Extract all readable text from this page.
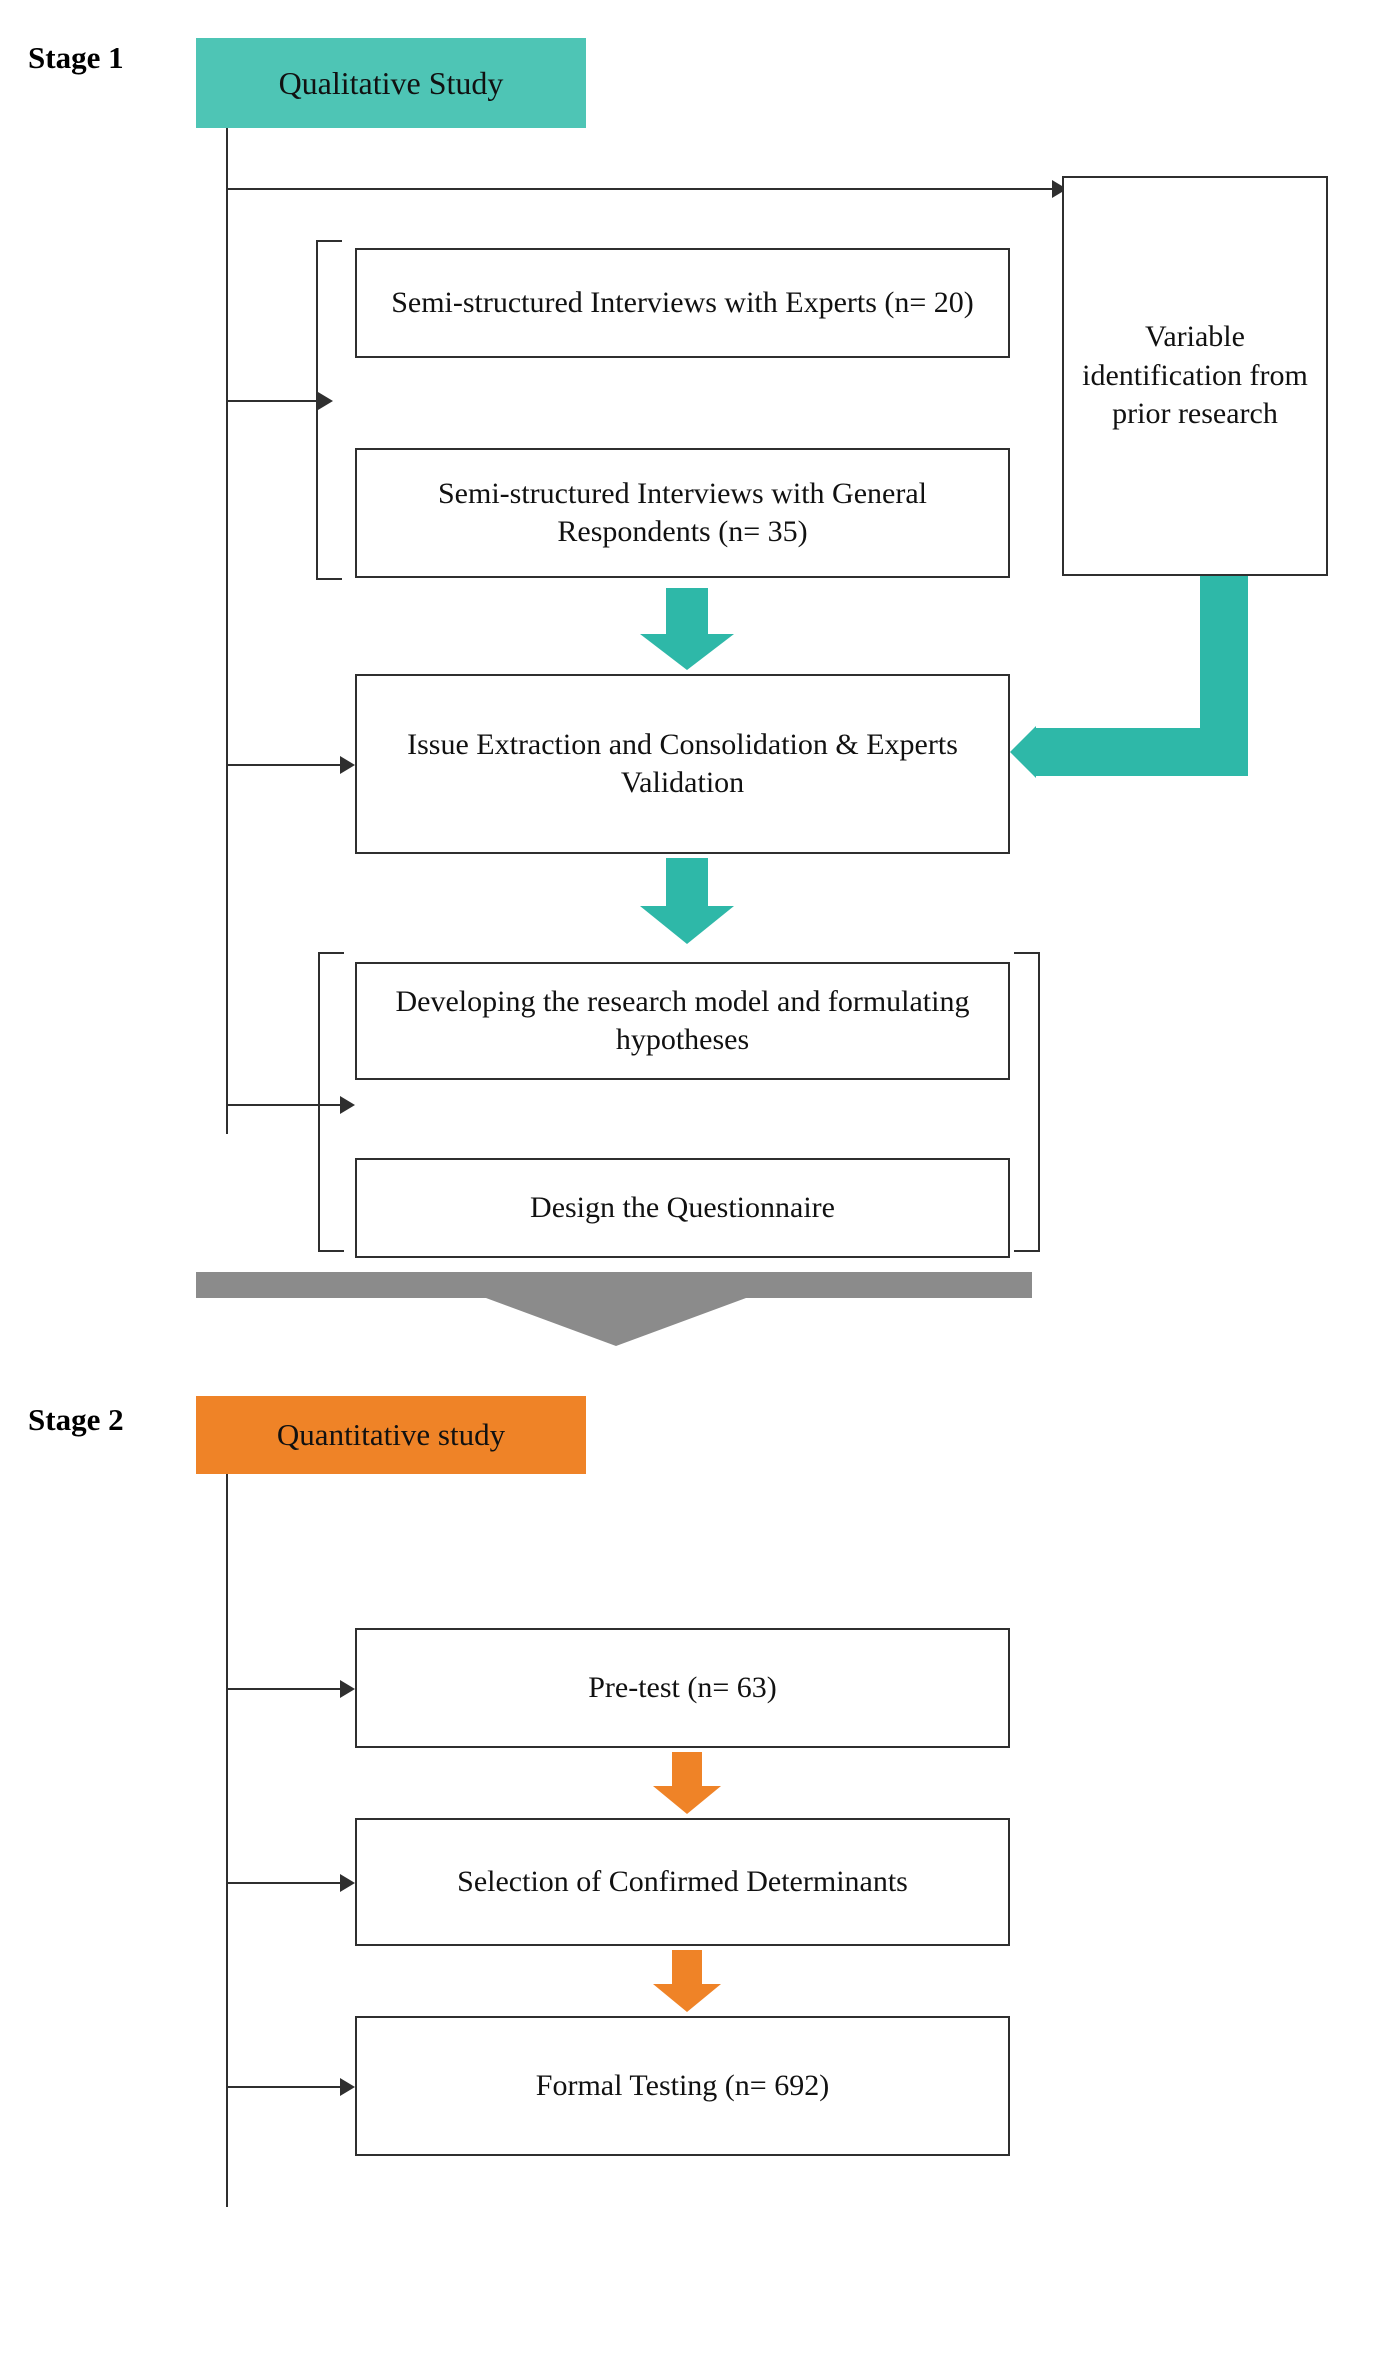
Stage 1
Qualitative Study
Variable identification from prior research
Semi-structured Interviews with Experts (n= 20)
Semi-structured Interviews with General Respondents (n= 35)
Issue Extraction and Consolidation & Experts Validation
Developing the research model and formulating hypotheses
Design the Questionnaire
Stage 2	Quantitative study
Pre-test (n= 63)
Selection of Confirmed Determinants
Formal Testing (n= 692)
